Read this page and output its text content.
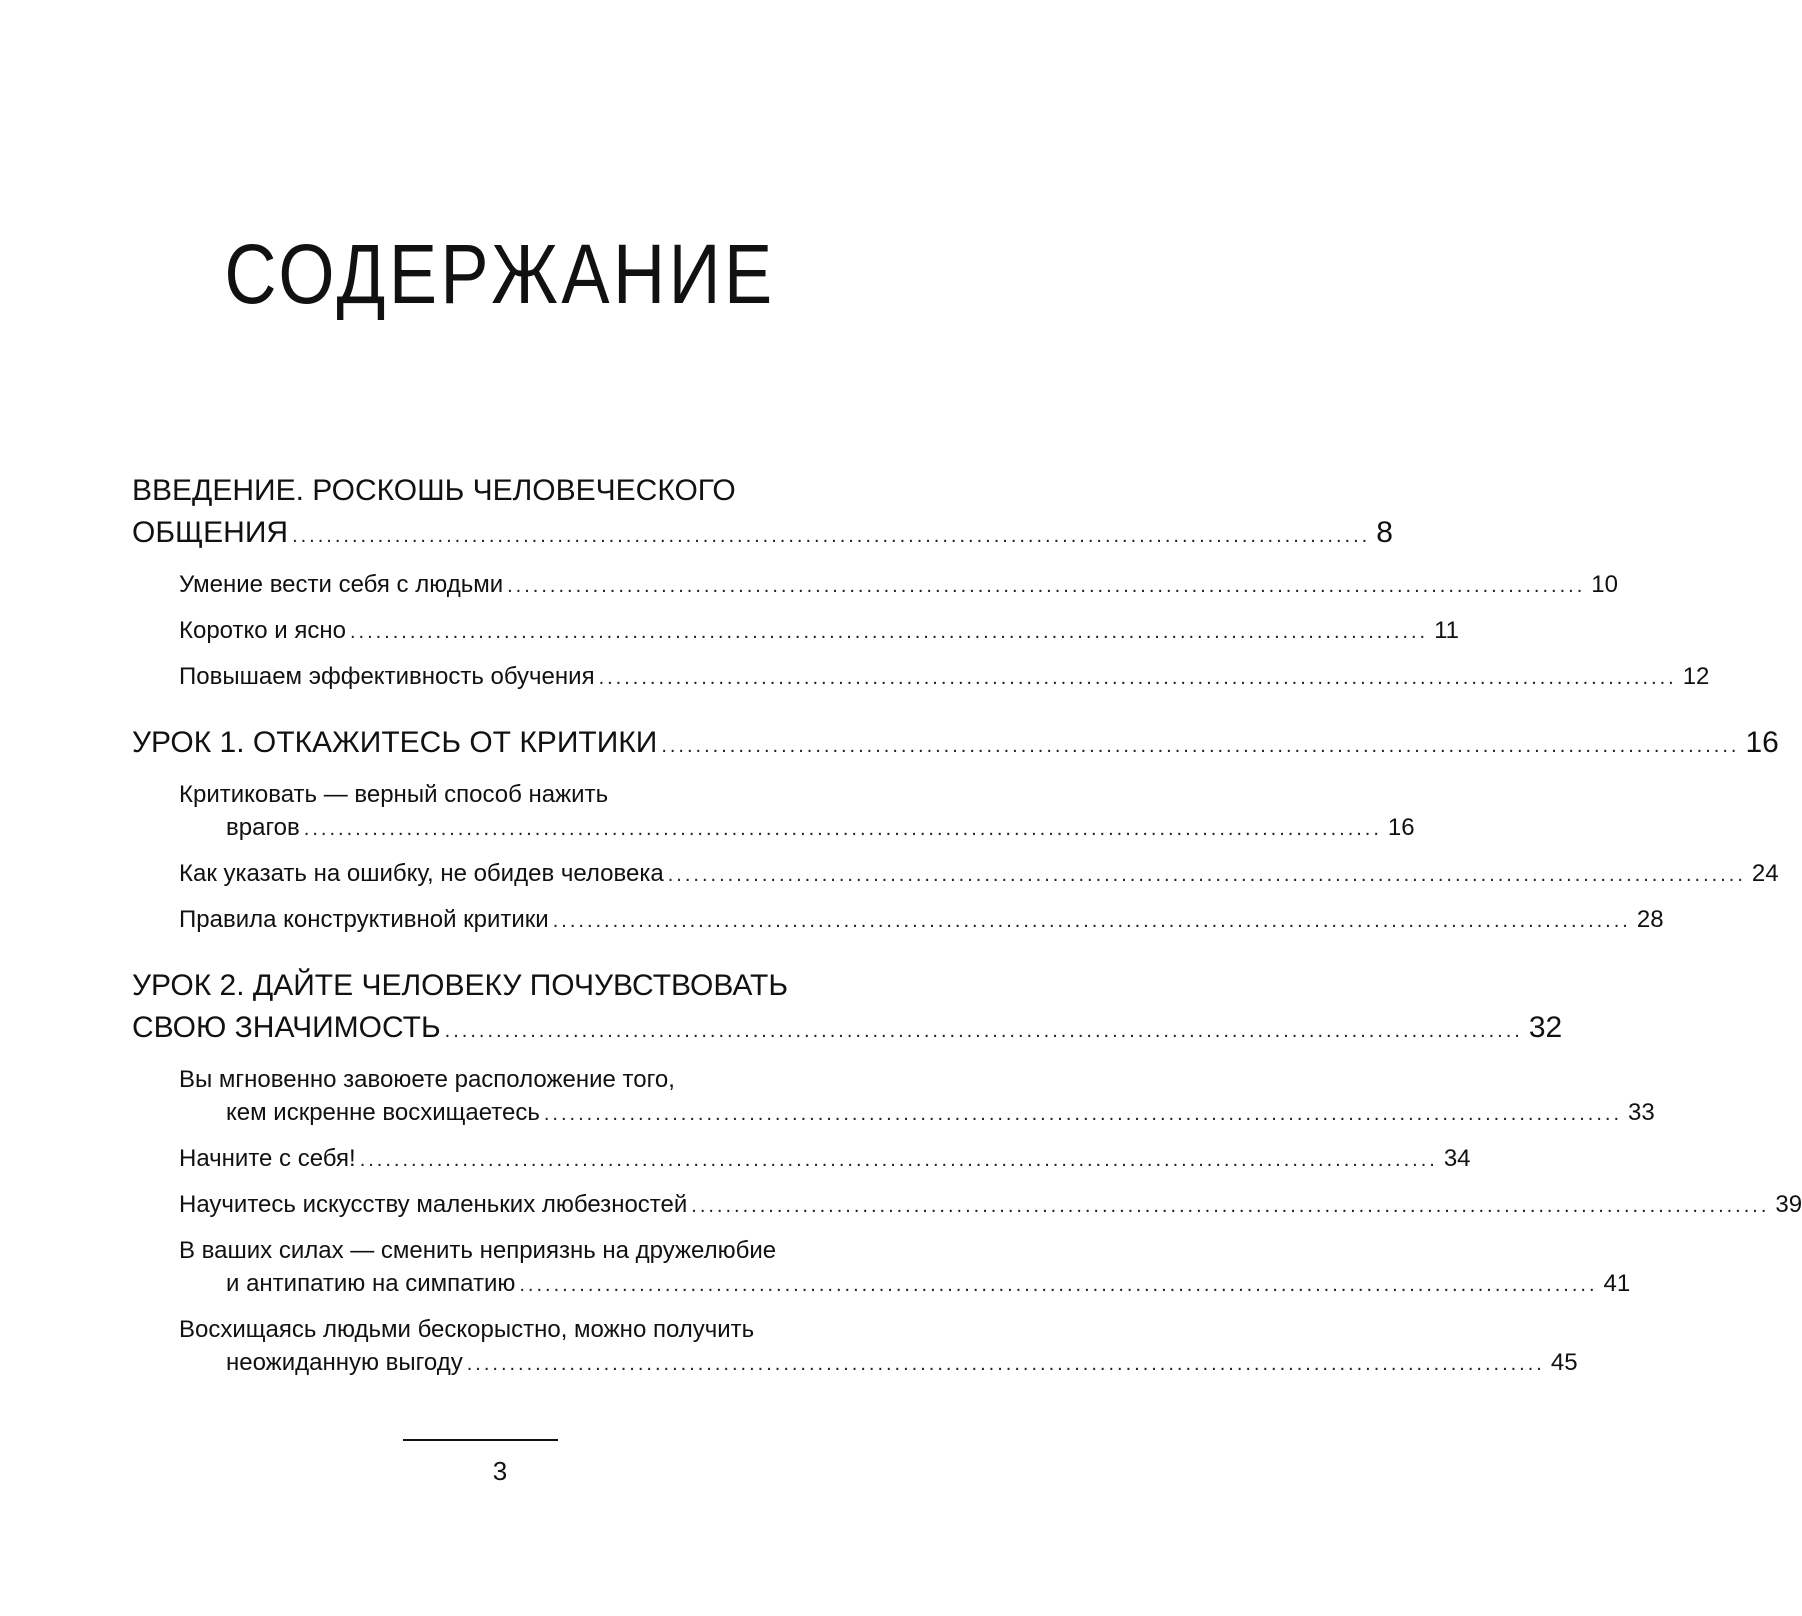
СОДЕРЖАНИЕ
ВВЕДЕНИЕ. РОСКОШЬ ЧЕЛОВЕЧЕСКОГО
ОБЩЕНИЯ .............................................................................................................................. 8
Умение вести себя с людьми .............................................................................................................................. 10
Коротко и ясно .............................................................................................................................. 11
Повышаем эффективность обучения .............................................................................................................................. 12
УРОК 1. ОТКАЖИТЕСЬ ОТ КРИТИКИ .............................................................................................................................. 16
Критиковать — верный способ нажить
врагов .............................................................................................................................. 16
Как указать на ошибку, не обидев человека .............................................................................................................................. 24
Правила конструктивной критики .............................................................................................................................. 28
УРОК 2. ДАЙТЕ ЧЕЛОВЕКУ ПОЧУВСТВОВАТЬ
СВОЮ ЗНАЧИМОСТЬ .............................................................................................................................. 32
Вы мгновенно завоюете расположение того,
кем искренне восхищаетесь .............................................................................................................................. 33
Начните с себя! .............................................................................................................................. 34
Научитесь искусству маленьких любезностей .............................................................................................................................. 39
В ваших силах — сменить неприязнь на дружелюбие
и антипатию на симпатию .............................................................................................................................. 41
Восхищаясь людьми бескорыстно, можно получить
неожиданную выгоду .............................................................................................................................. 45
3
